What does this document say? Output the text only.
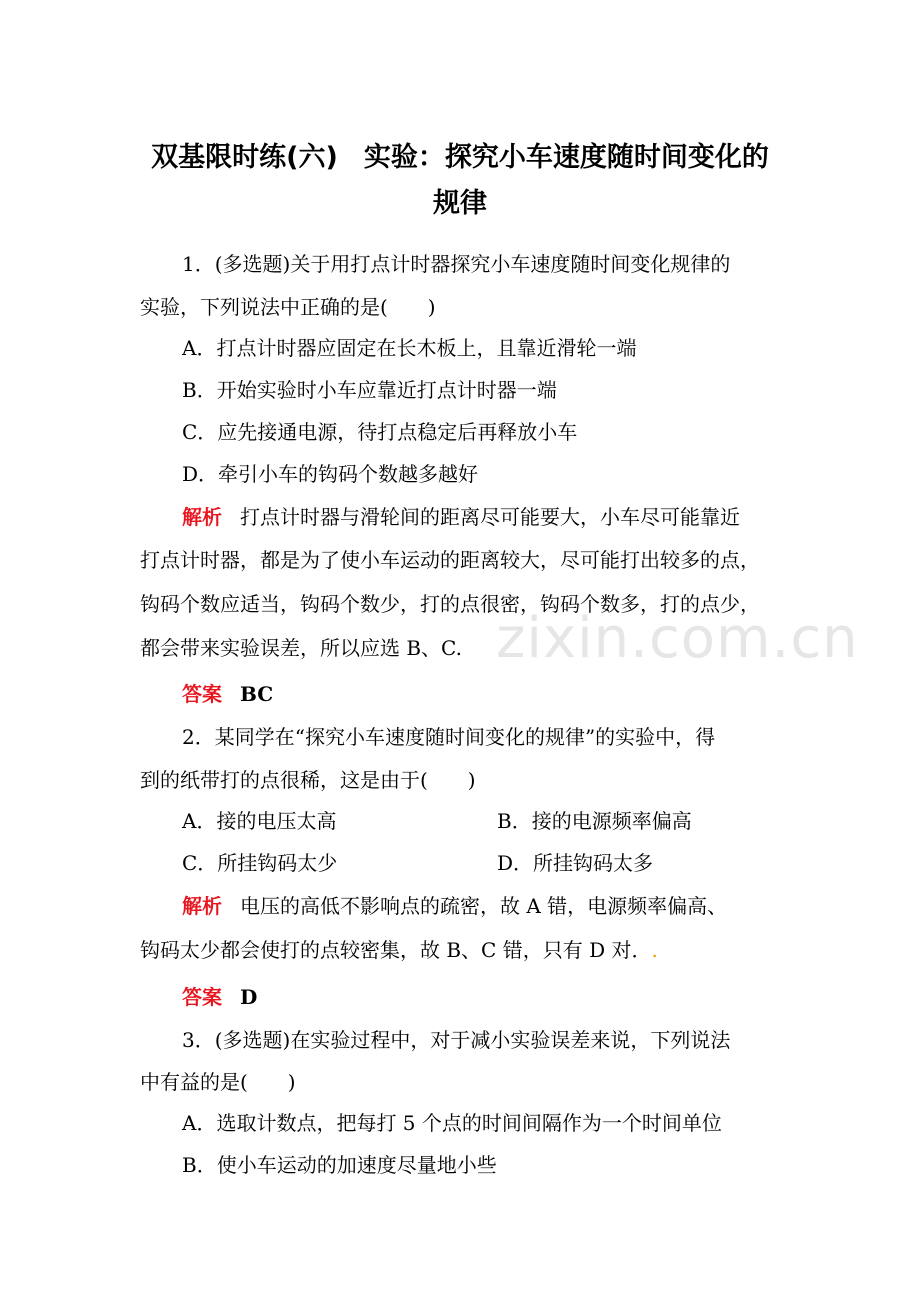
zixin.com.cn
双基限时练(六) 实验：探究小车速度随时间变化的
规律
1．(多选题)关于用打点计时器探究小车速度随时间变化规律的
实验，下列说法中正确的是(　　)
A．打点计时器应固定在长木板上，且靠近滑轮一端
B．开始实验时小车应靠近打点计时器一端
C．应先接通电源，待打点稳定后再释放小车
D．牵引小车的钩码个数越多越好
解析 打点计时器与滑轮间的距离尽可能要大，小车尽可能靠近
打点计时器，都是为了使小车运动的距离较大，尽可能打出较多的点，
钩码个数应适当，钩码个数少，打的点很密，钩码个数多，打的点少，
都会带来实验误差，所以应选 B、C.
答案 BC
2．某同学在“探究小车速度随时间变化的规律”的实验中，得
到的纸带打的点很稀，这是由于(　　)
A．接的电压太高	B．接的电源频率偏高
C．所挂钩码太少	D．所挂钩码太多
解析 电压的高低不影响点的疏密，故 A 错，电源频率偏高、
钩码太少都会使打的点较密集，故 B、C 错，只有 D 对．.
答案 D
3．(多选题)在实验过程中，对于减小实验误差来说，下列说法
中有益的是(　　)
A．选取计数点，把每打 5 个点的时间间隔作为一个时间单位
B．使小车运动的加速度尽量地小些
